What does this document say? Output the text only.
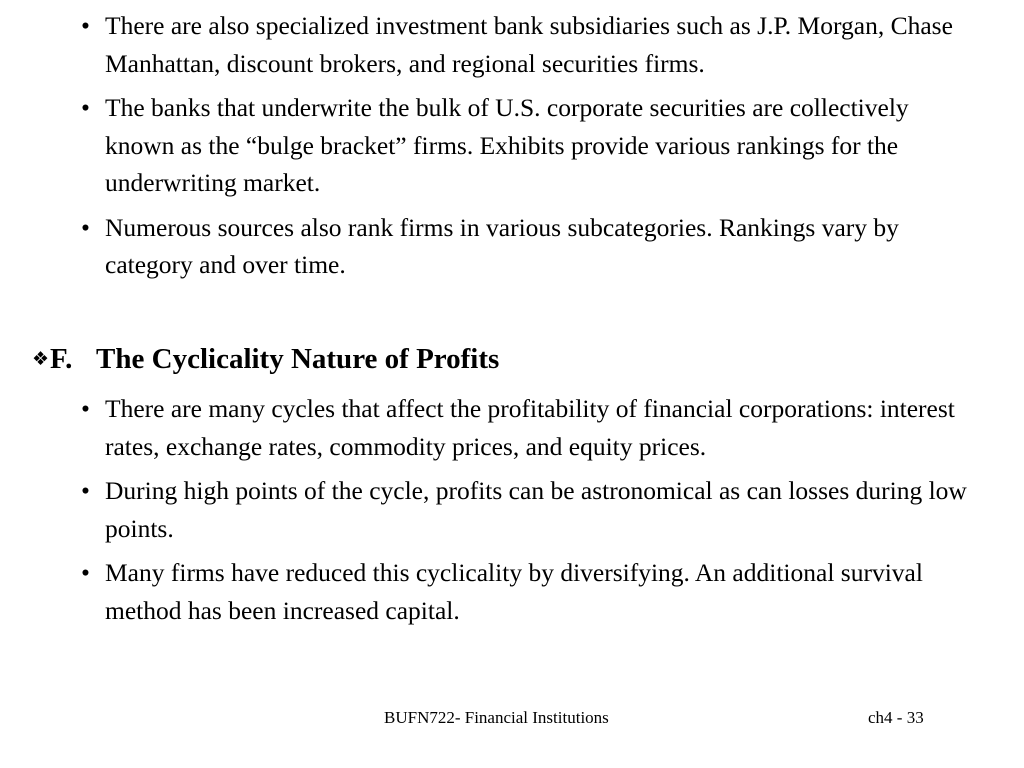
• There are also specialized investment bank subsidiaries such as J.P. Morgan, Chase Manhattan, discount brokers, and regional securities firms.
• The banks that underwrite the bulk of U.S. corporate securities are collectively known as the “bulge bracket” firms. Exhibits provide various rankings for the underwriting market.
• Numerous sources also rank firms in various subcategories. Rankings vary by category and over time.
❖F. The Cyclicality Nature of Profits
• There are many cycles that affect the profitability of financial corporations: interest rates, exchange rates, commodity prices, and equity prices.
• During high points of the cycle, profits can be astronomical as can losses during low points.
• Many firms have reduced this cyclicality by diversifying. An additional survival method has been increased capital.
BUFN722- Financial Institutions	ch4 - 33
